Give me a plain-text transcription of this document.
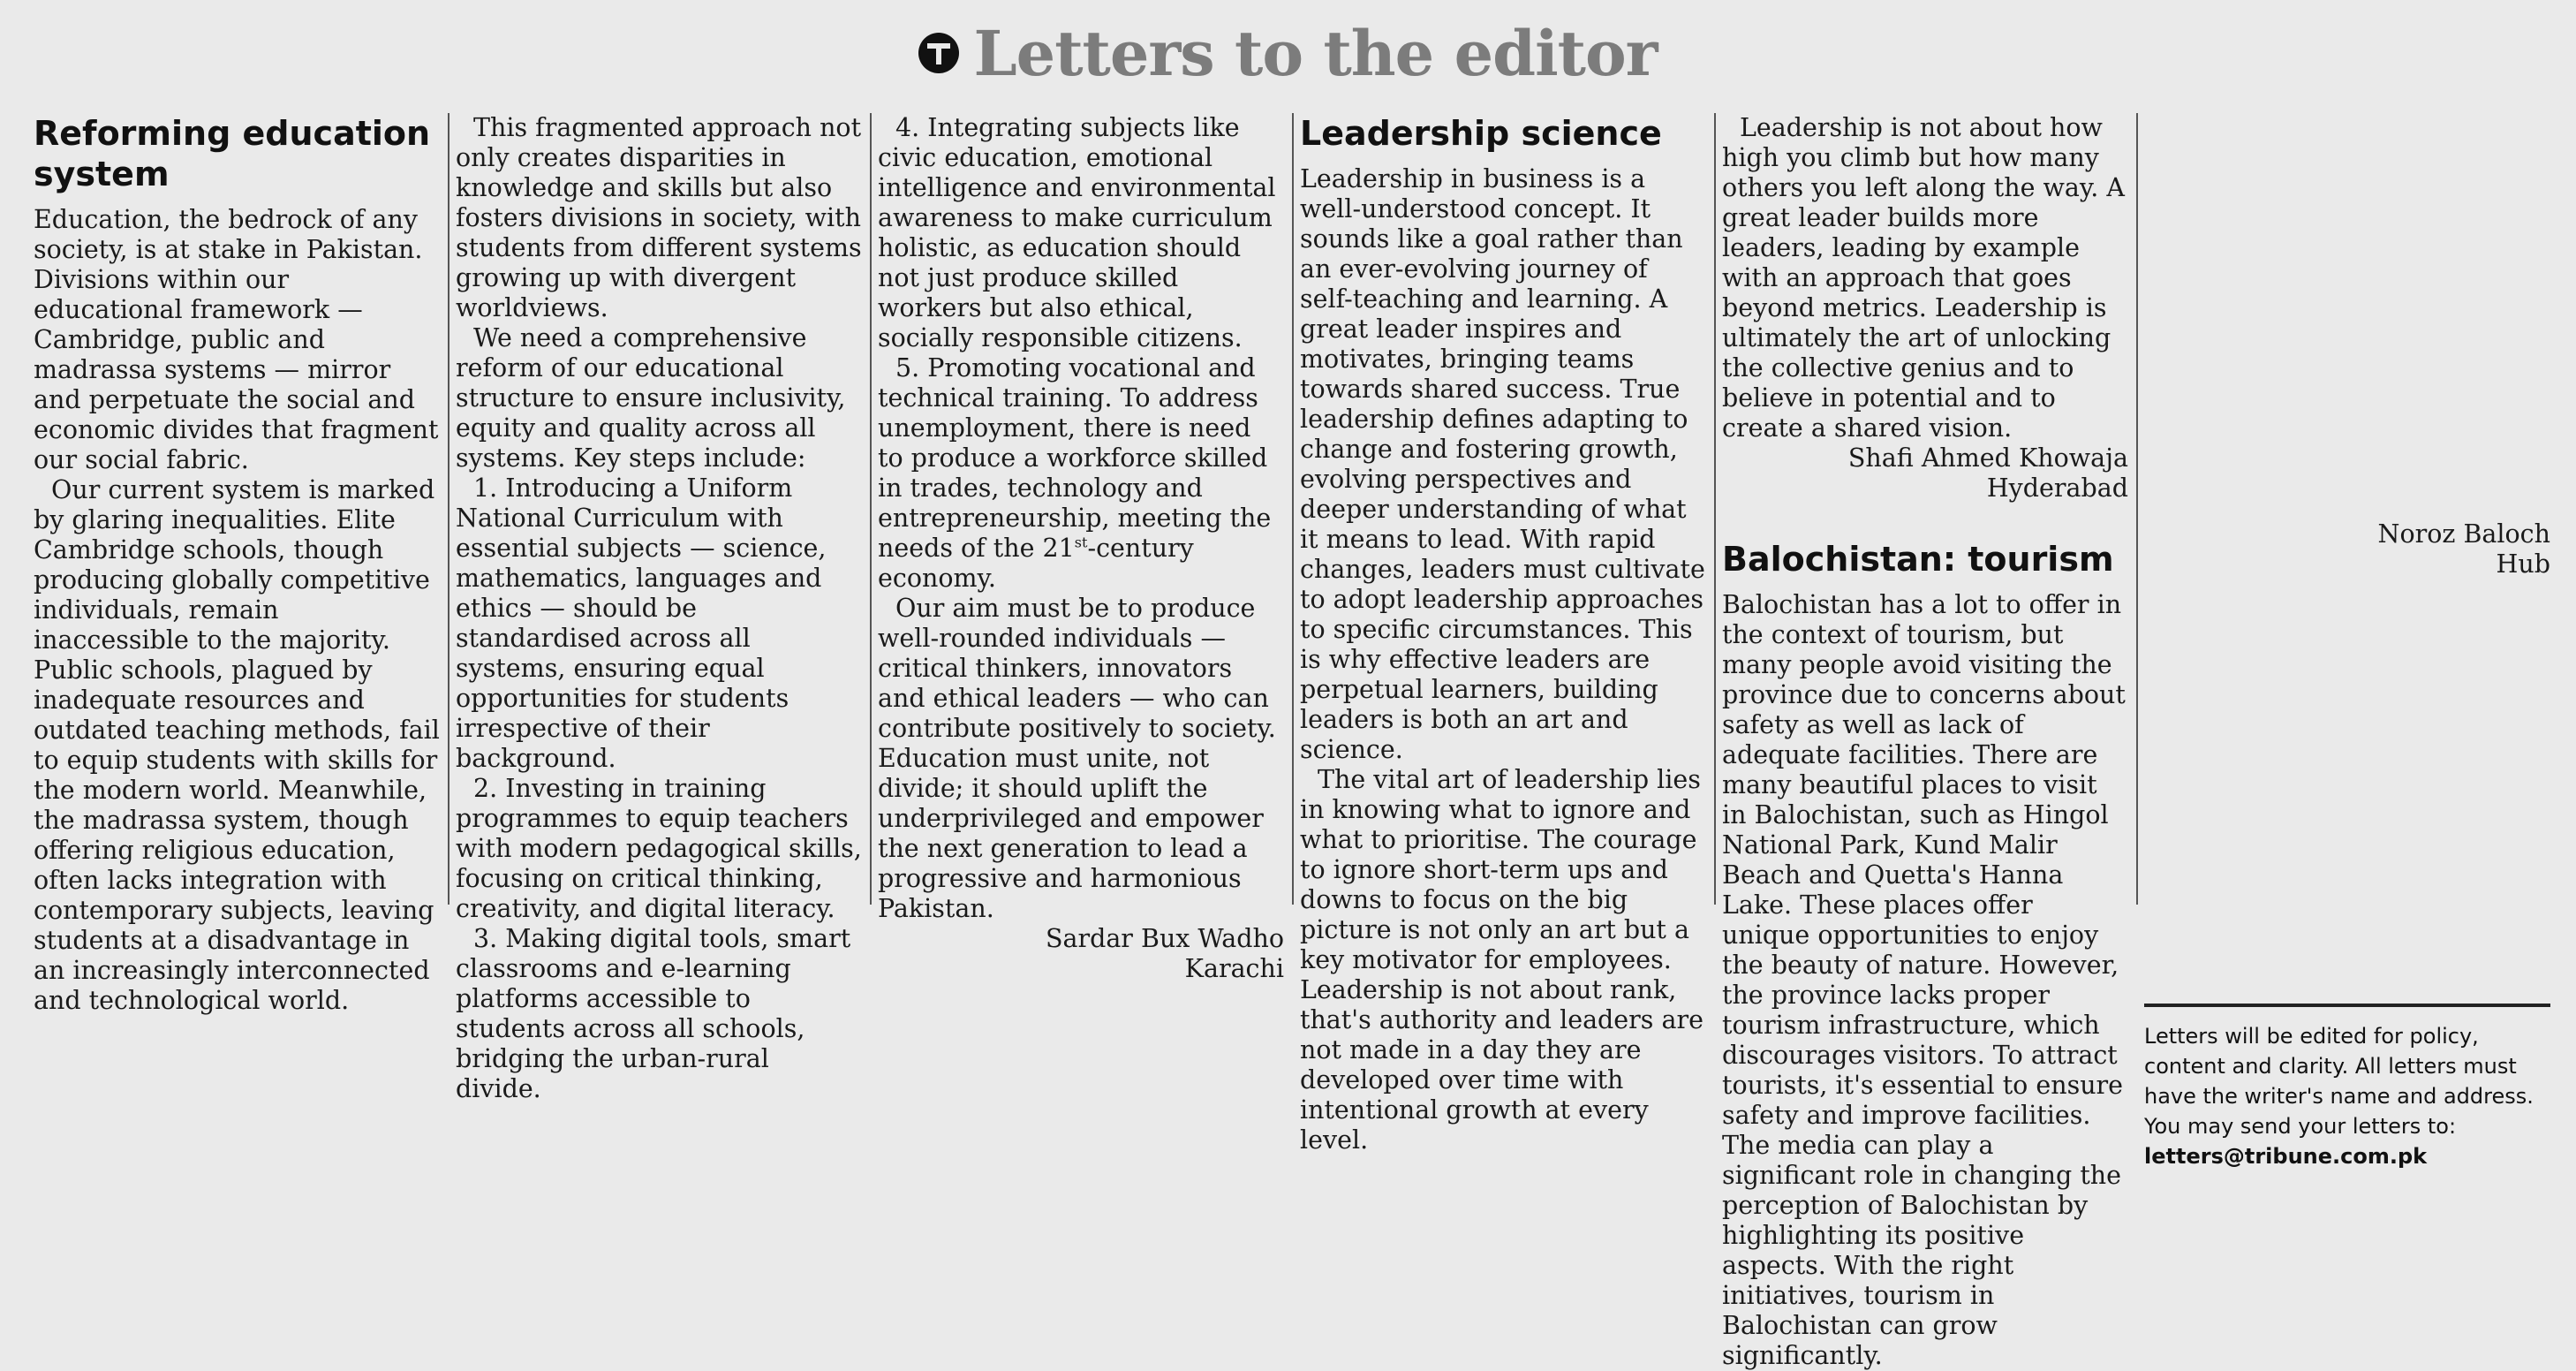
Letters to the editor
Reforming education system

Education, the bedrock of any society, is at stake in Pakistan. Divisions within our educational framework — Cambridge, public and madrassa systems — mirror and perpetuate the social and economic divides that fragment our social fabric.

Our current system is marked by glaring inequalities. Elite Cambridge schools, though producing globally competitive individuals, remain inaccessible to the majority. Public schools, plagued by inadequate resources and outdated teaching methods, fail to equip students with skills for the modern world. Meanwhile, the madrassa system, though offering religious education, often lacks integration with contemporary subjects, leaving students at a disadvantage in an increasingly interconnected and technological world.

This fragmented approach not only creates disparities in knowledge and skills but also fosters divisions in society, with students from different systems growing up with divergent worldviews.

We need a comprehensive reform of our educational structure to ensure inclusivity, equity and quality across all systems. Key steps include:

1. Introducing a Uniform National Curriculum with essential subjects — science, mathematics, languages and ethics — should be standardised across all systems, ensuring equal opportunities for students irrespective of their background.

2. Investing in training programmes to equip teachers with modern pedagogical skills, focusing on critical thinking, creativity, and digital literacy.

3. Making digital tools, smart classrooms and e-learning platforms accessible to students across all schools, bridging the urban-rural divide.

4. Integrating subjects like civic education, emotional intelligence and environmental awareness to make curriculum holistic, as education should not just produce skilled workers but also ethical, socially responsible citizens.

5. Promoting vocational and technical training. To address unemployment, there is need to produce a workforce skilled in trades, technology and entrepreneurship, meeting the needs of the 21st-century economy.

Our aim must be to produce well-rounded individuals — critical thinkers, innovators and ethical leaders — who can contribute positively to society. Education must unite, not divide; it should uplift the underprivileged and empower the next generation to lead a progressive and harmonious Pakistan.

Sardar Bux Wadho

Karachi

Leadership science

Leadership in business is a well-understood concept. It sounds like a goal rather than an ever-evolving journey of self-teaching and learning. A great leader inspires and motivates, bringing teams towards shared success. True leadership defines adapting to change and fostering growth, evolving perspectives and deeper understanding of what it means to lead. With rapid changes, leaders must cultivate to adopt leadership approaches to specific circumstances. This is why effective leaders are perpetual learners, building leaders is both an art and science.

The vital art of leadership lies in knowing what to ignore and what to prioritise. The courage to ignore short-term ups and downs to focus on the big picture is not only an art but a key motivator for employees. Leadership is not about rank, that's authority and leaders are not made in a day they are developed over time with intentional growth at every level.

Leadership is not about how high you climb but how many others you left along the way. A great leader builds more leaders, leading by example with an approach that goes beyond metrics. Leadership is ultimately the art of unlocking the collective genius and to believe in potential and to create a shared vision.

Shafi Ahmed Khowaja

Hyderabad

Balochistan: tourism

Balochistan has a lot to offer in the context of tourism, but many people avoid visiting the province due to concerns about safety as well as lack of adequate facilities. There are many beautiful places to visit in Balochistan, such as Hingol National Park, Kund Malir Beach and Quetta's Hanna Lake. These places offer unique opportunities to enjoy the beauty of nature. However, the province lacks proper tourism infrastructure, which discourages visitors. To attract tourists, it's essential to ensure safety and improve facilities. The media can play a significant role in changing the perception of Balochistan by highlighting its positive aspects. With the right initiatives, tourism in Balochistan can grow significantly.

Noroz Baloch

Hub

Letters will be edited for policy, content and clarity. All letters must have the writer's name and address. You may send your letters to:
letters@tribune.com.pk
